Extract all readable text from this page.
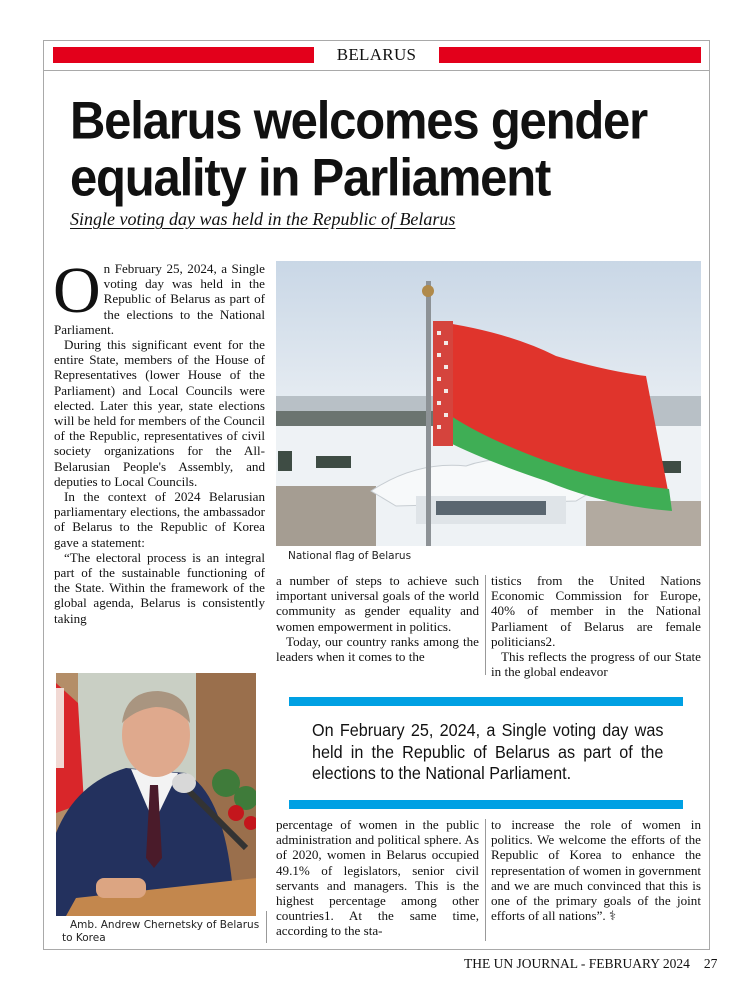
BELARUS
Belarus welcomes gender equality in Parliament
Single voting day was held in the Republic of Belarus

On February 25, 2024, a Single voting day was held in the Republic of Belarus as part of the elections to the National Parliament.

During this significant event for the entire State, members of the House of Representatives (lower House of the Parliament) and Local Councils were elected. Later this year, state elections will be held for members of the Council of the Republic, representatives of civil society organizations for the All-Belarusian People's Assembly, and deputies to Local Councils.

In the context of 2024 Belarusian parliamentary elections, the ambassador of Belarus to the Republic of Korea gave a statement:

“The electoral process is an integral part of the sustainable functioning of the State. Within the framework of the global agenda, Belarus is consistently taking

National flag of Belarus

a number of steps to achieve such important universal goals of the world community as gender equality and women empowerment in politics.

Today, our country ranks among the leaders when it comes to the

tistics from the United Nations Economic Commission for Europe, 40% of member in the National Parliament of Belarus are female politicians2.

This reflects the progress of our State in the global endeavor

On February 25, 2024, a Single voting day was held in the Republic of Belarus as part of the elections to the National Parliament.
Amb. Andrew Chernetsky of Belarus to Korea

percentage of women in the public administration and political sphere. As of 2020, women in Belarus occupied 49.1% of legislators, senior civil servants and managers. This is the highest percentage among other countries1. At the same time, according to the sta-

to increase the role of women in politics. We welcome the efforts of the Republic of Korea to enhance the representation of women in government and we are much convinced that this is one of the primary goals of the joint efforts of all nations”. ⚕

THE UN JOURNAL - FEBRUARY 2024 27
